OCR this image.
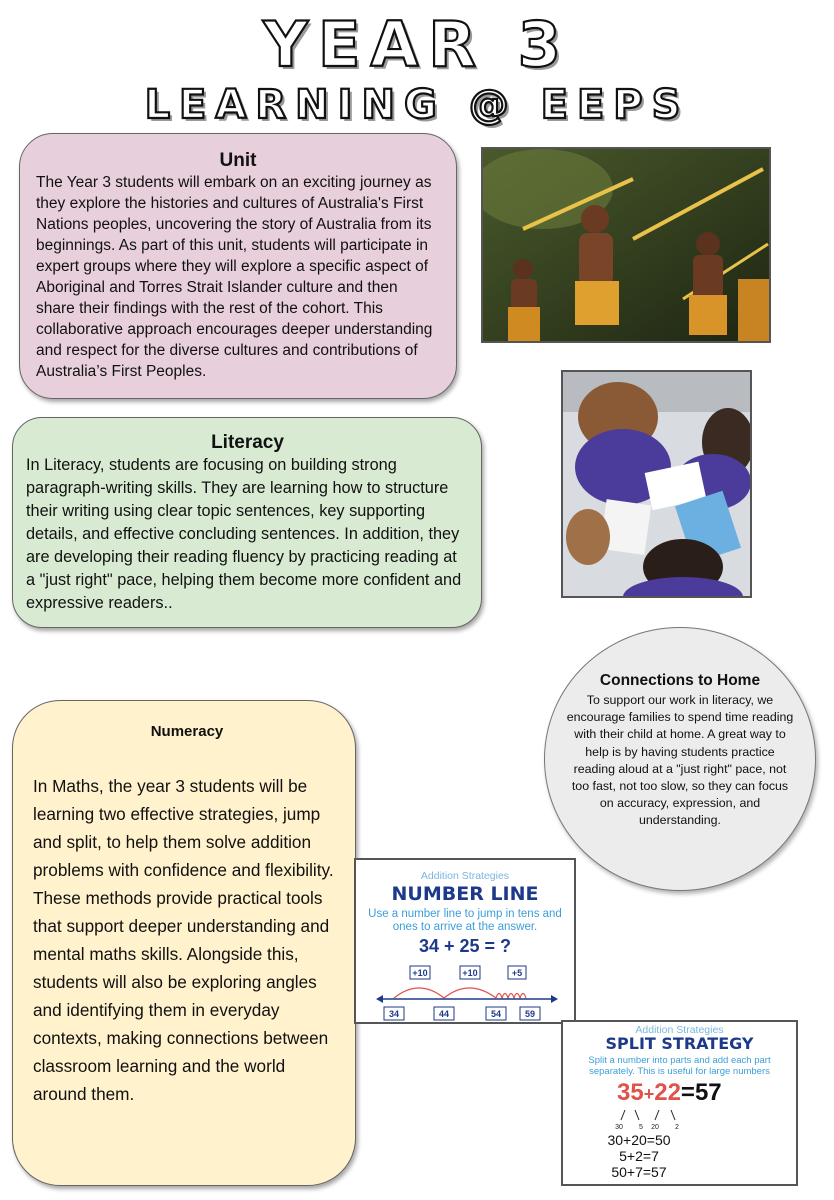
YEAR 3
LEARNING @ EEPS
Unit

The Year 3 students will embark on an exciting journey as they explore the histories and cultures of Australia's First Nations peoples, uncovering the story of Australia from its beginnings. As part of this unit, students will participate in expert groups where they will explore a specific aspect of Aboriginal and Torres Strait Islander culture and then share their findings with the rest of the cohort. This collaborative approach encourages deeper understanding and respect for the diverse cultures and contributions of Australia’s First Peoples.

Literacy

In Literacy, students are focusing on building strong paragraph-writing skills. They are learning how to structure their writing using clear topic sentences, key supporting details, and effective concluding sentences. In addition, they are developing their reading fluency by practicing reading at a "just right" pace, helping them become more confident and expressive readers..

Connections to Home

To support our work in literacy, we encourage families to spend time reading with their child at home. A great way to help is by having students practice reading aloud at a "just right" pace, not too fast, not too slow, so they can focus on accuracy, expression, and understanding.

Numeracy

In Maths, the year 3 students will be learning two effective strategies, jump and split, to help them solve addition problems with confidence and flexibility. These methods provide practical tools that support deeper understanding and mental maths skills. Alongside this, students will also be exploring angles and identifying them in everyday contexts, making connections between classroom learning and the world around them.

Addition Strategies
NUMBER LINE
Use a number line to jump in tens and ones to arrive at the answer.
34 + 25 = ?
+10	+10	+5
34	44	54	59
Addition Strategies
SPLIT STRATEGY
Split a number into parts and add each part separately. This is useful for large numbers
35+22=57
30 5 20 2
30+20=50
5+2=7
50+7=57
